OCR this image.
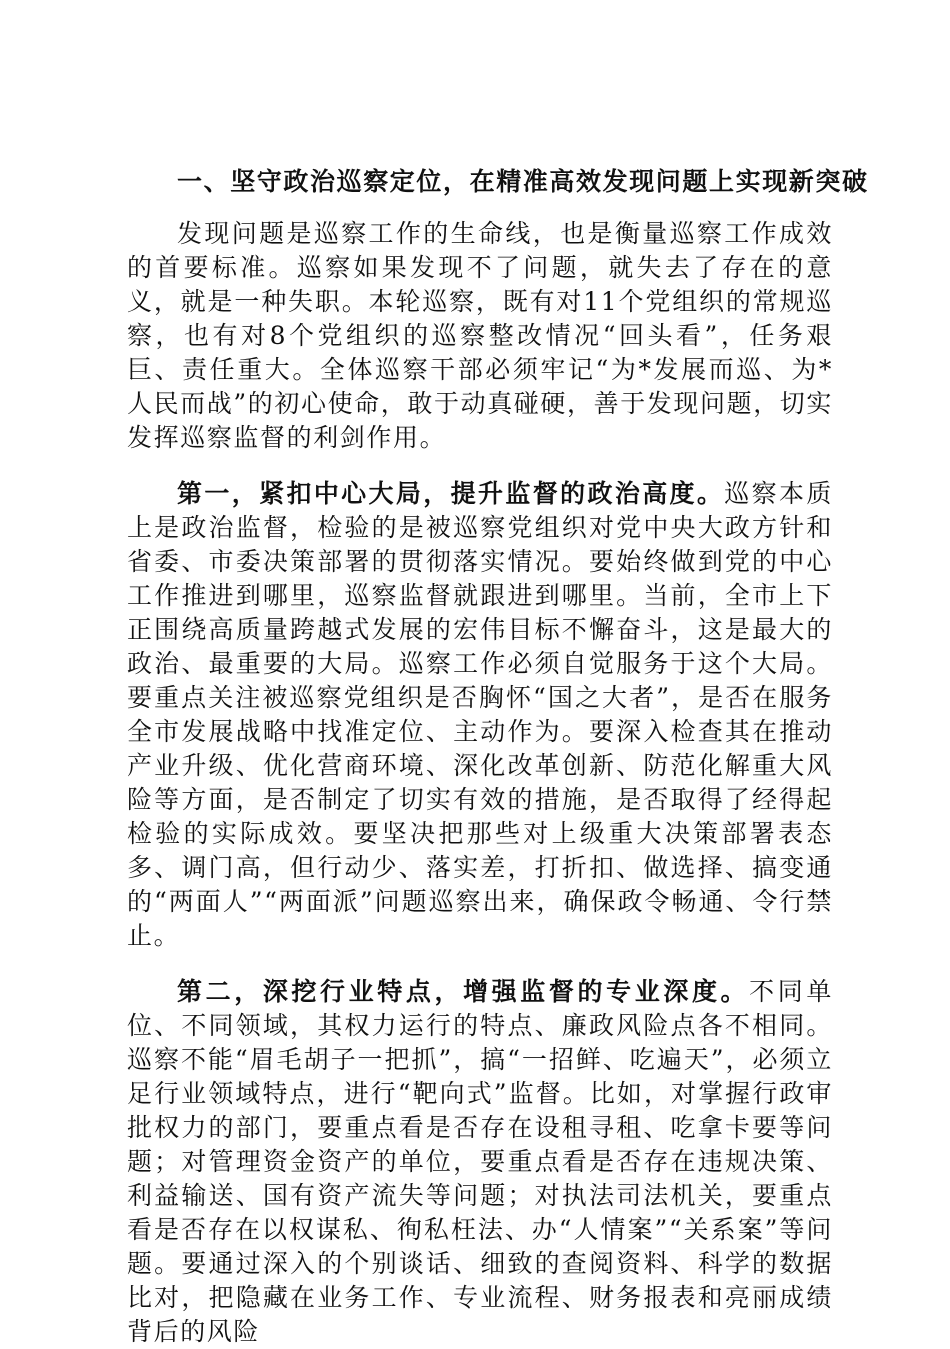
一、坚守政治巡察定位，在精准高效发现问题上实现新突破

发现问题是巡察工作的生命线，也是衡量巡察工作成效的首要标准。巡察如果发现不了问题，就失去了存在的意义，就是一种失职。本轮巡察，既有对11个党组织的常规巡察，也有对8个党组织的巡察整改情况“回头看”，任务艰巨、责任重大。全体巡察干部必须牢记“为*发展而巡、为*人民而战”的初心使命，敢于动真碰硬，善于发现问题，切实发挥巡察监督的利剑作用。

第一，紧扣中心大局，提升监督的政治高度。巡察本质上是政治监督，检验的是被巡察党组织对党中央大政方针和省委、市委决策部署的贯彻落实情况。要始终做到党的中心工作推进到哪里，巡察监督就跟进到哪里。当前，全市上下正围绕高质量跨越式发展的宏伟目标不懈奋斗，这是最大的政治、最重要的大局。巡察工作必须自觉服务于这个大局。要重点关注被巡察党组织是否胸怀“国之大者”，是否在服务全市发展战略中找准定位、主动作为。要深入检查其在推动产业升级、优化营商环境、深化改革创新、防范化解重大风险等方面，是否制定了切实有效的措施，是否取得了经得起检验的实际成效。要坚决把那些对上级重大决策部署表态多、调门高，但行动少、落实差，打折扣、做选择、搞变通的“两面人”“两面派”问题巡察出来，确保政令畅通、令行禁止。

第二，深挖行业特点，增强监督的专业深度。不同单位、不同领域，其权力运行的特点、廉政风险点各不相同。巡察不能“眉毛胡子一把抓”，搞“一招鲜、吃遍天”，必须立足行业领域特点，进行“靶向式”监督。比如，对掌握行政审批权力的部门，要重点看是否存在设租寻租、吃拿卡要等问题；对管理资金资产的单位，要重点看是否存在违规决策、利益输送、国有资产流失等问题；对执法司法机关，要重点看是否存在以权谋私、徇私枉法、办“人情案”“关系案”等问题。要通过深入的个别谈话、细致的查阅资料、科学的数据比对，把隐藏在业务工作、专业流程、财务报表和亮丽成绩背后的风险
